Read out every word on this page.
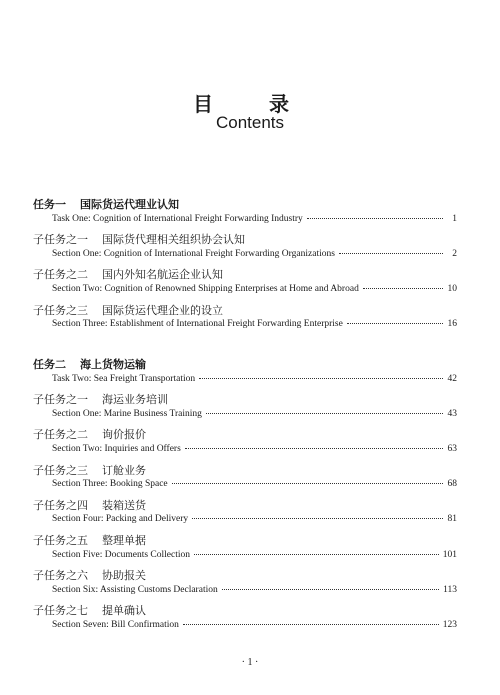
目　录
Contents
任务一 国际货运代理业认知
Task One: Cognition of International Freight Forwarding Industry	1
子任务之一 国际货代理相关组织协会认知
Section One: Cognition of International Freight Forwarding Organizations	2
子任务之二 国内外知名航运企业认知
Section Two: Cognition of Renowned Shipping Enterprises at Home and Abroad	10
子任务之三 国际货运代理企业的设立
Section Three: Establishment of International Freight Forwarding Enterprise	16
任务二 海上货物运输
Task Two: Sea Freight Transportation	42
子任务之一 海运业务培训
Section One: Marine Business Training	43
子任务之二 询价报价
Section Two: Inquiries and Offers	63
子任务之三 订舱业务
Section Three: Booking Space	68
子任务之四 装箱送货
Section Four: Packing and Delivery	81
子任务之五 整理单据
Section Five: Documents Collection	101
子任务之六 协助报关
Section Six: Assisting Customs Declaration	113
子任务之七 提单确认
Section Seven: Bill Confirmation	123
· 1 ·
